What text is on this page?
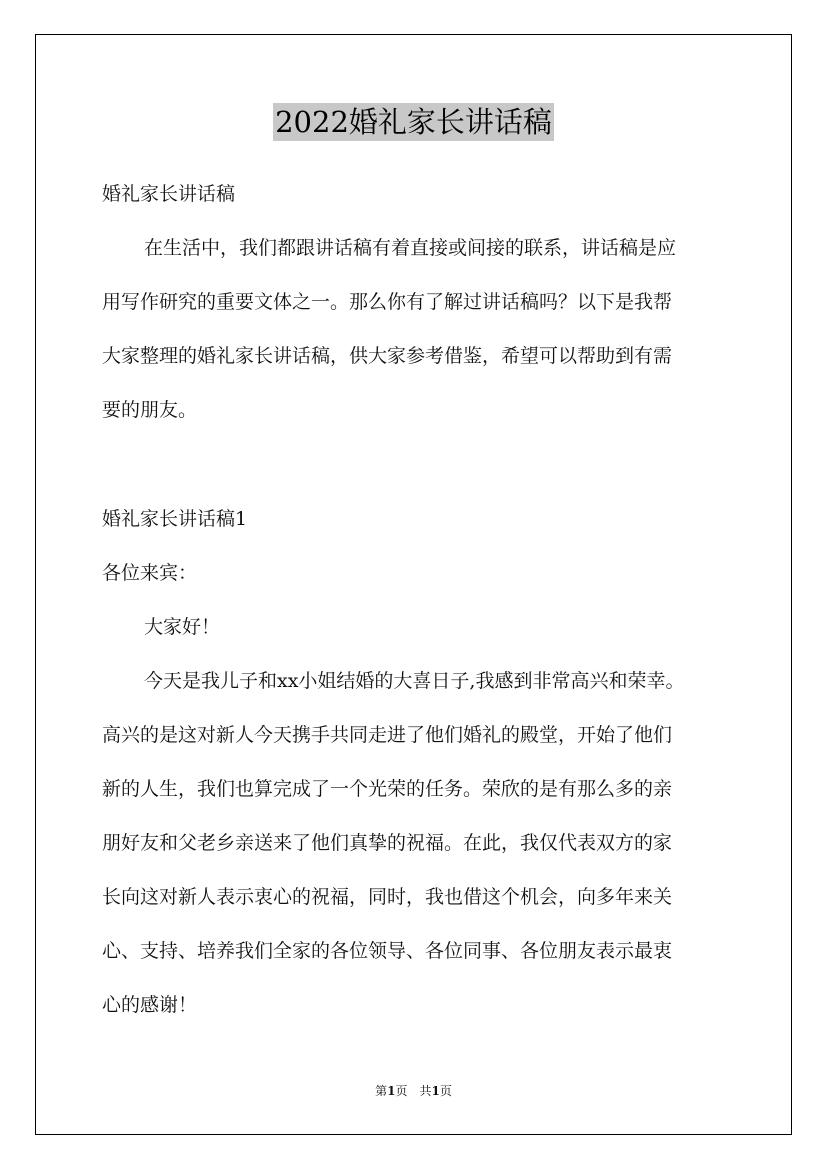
2022婚礼家长讲话稿
婚礼家长讲话稿
在生活中，我们都跟讲话稿有着直接或间接的联系，讲话稿是应
用写作研究的重要文体之一。那么你有了解过讲话稿吗？以下是我帮
大家整理的婚礼家长讲话稿，供大家参考借鉴，希望可以帮助到有需
要的朋友。
婚礼家长讲话稿1
各位来宾：
大家好！
今天是我儿子和xx小姐结婚的大喜日子,我感到非常高兴和荣幸。
高兴的是这对新人今天携手共同走进了他们婚礼的殿堂，开始了他们
新的人生，我们也算完成了一个光荣的任务。荣欣的是有那么多的亲
朋好友和父老乡亲送来了他们真挚的祝福。在此，我仅代表双方的家
长向这对新人表示衷心的祝福，同时，我也借这个机会，向多年来关
心、支持、培养我们全家的各位领导、各位同事、各位朋友表示最衷
心的感谢！
第1页　共1页
